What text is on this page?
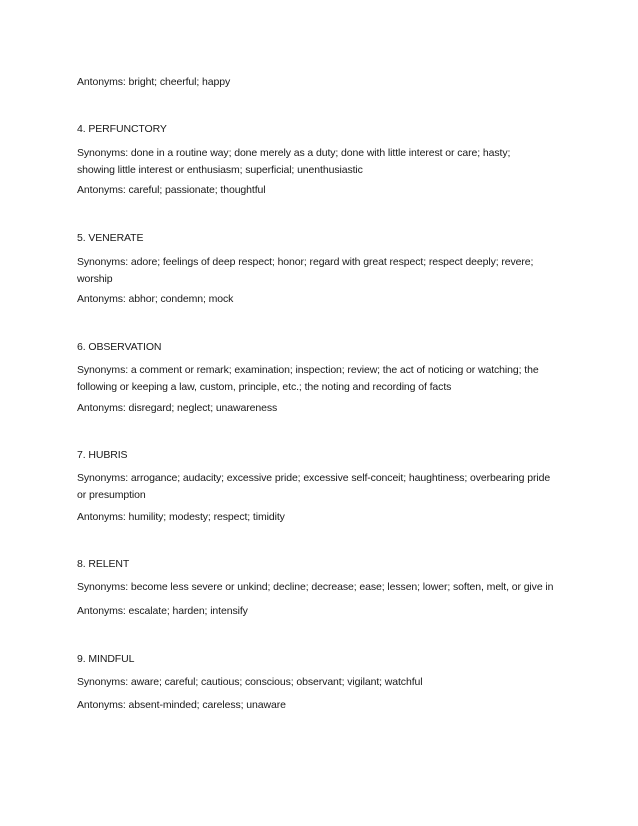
Antonyms: bright; cheerful; happy
4. PERFUNCTORY
Synonyms: done in a routine way; done merely as a duty; done with little interest or care; hasty;
showing little interest or enthusiasm; superficial; unenthusiastic
Antonyms: careful; passionate; thoughtful
5. VENERATE
Synonyms: adore; feelings of deep respect; honor; regard with great respect; respect deeply; revere;
worship
Antonyms: abhor; condemn; mock
6. OBSERVATION
Synonyms: a comment or remark; examination; inspection; review; the act of noticing or watching; the
following or keeping a law, custom, principle, etc.; the noting and recording of facts
Antonyms: disregard; neglect; unawareness
7. HUBRIS
Synonyms: arrogance; audacity; excessive pride; excessive self-conceit; haughtiness; overbearing pride
or presumption
Antonyms: humility; modesty; respect; timidity
8. RELENT
Synonyms: become less severe or unkind; decline; decrease; ease; lessen; lower; soften, melt, or give in
Antonyms: escalate; harden; intensify
9. MINDFUL
Synonyms: aware; careful; cautious; conscious; observant; vigilant; watchful
Antonyms: absent-minded; careless; unaware
